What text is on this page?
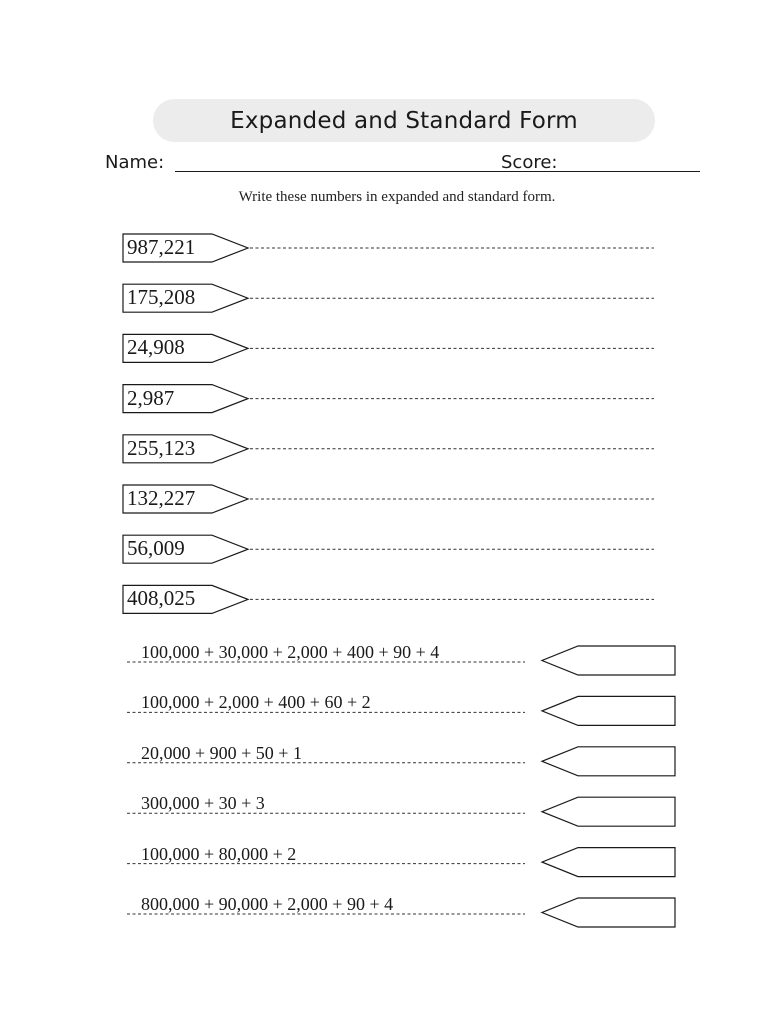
Expanded and Standard Form
Name:	Score:
Write these numbers in expanded and standard form.
987,221
175,208
24,908
2,987
255,123
132,227
56,009
408,025
100,000 + 30,000 + 2,000 + 400 + 90 + 4
100,000 + 2,000 + 400 + 60 + 2
20,000 + 900 + 50 + 1
300,000 + 30 + 3
100,000 + 80,000 + 2
800,000 + 90,000 + 2,000 + 90 + 4
